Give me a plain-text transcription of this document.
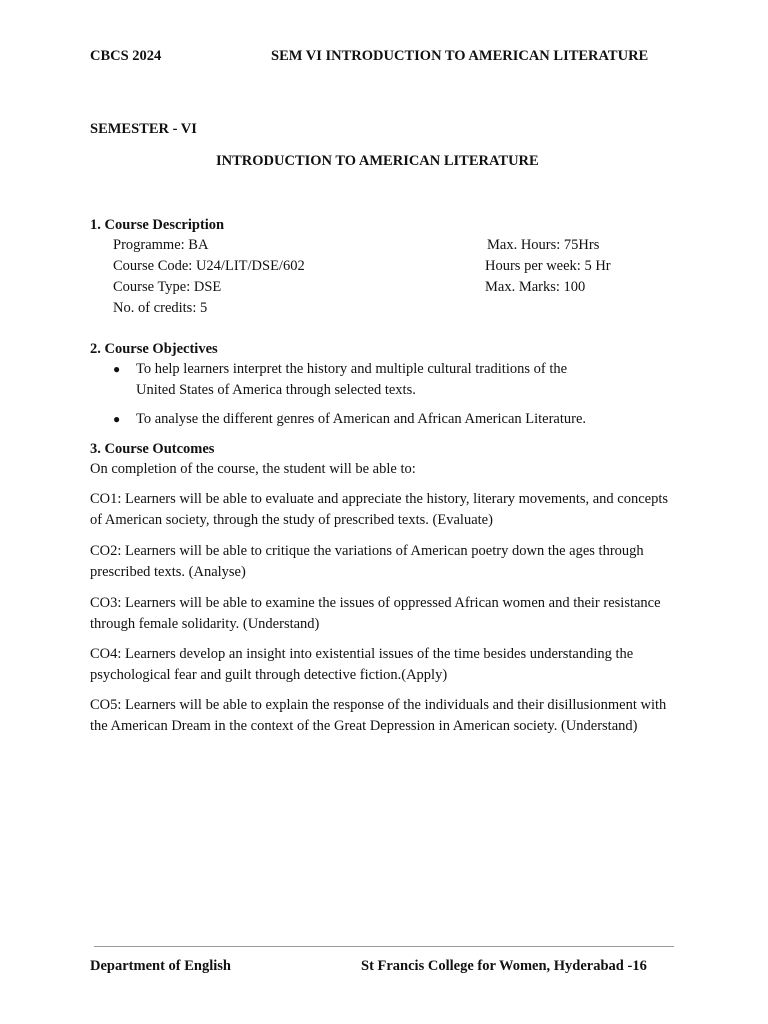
CBCS 2024	SEM VI INTRODUCTION TO AMERICAN LITERATURE
SEMESTER - VI
INTRODUCTION TO AMERICAN LITERATURE
1. Course Description
Programme: BA
Course Code: U24/LIT/DSE/602
Course Type: DSE
No. of credits: 5
Max. Hours: 75Hrs
Hours per week: 5 Hr
Max. Marks: 100
2. Course Objectives
● To help learners interpret the history and multiple cultural traditions of the
United States of America through selected texts.
● To analyse the different genres of American and African American Literature.
3. Course Outcomes
On completion of the course, the student will be able to:
CO1: Learners will be able to evaluate and appreciate the history, literary movements, and concepts of American society, through the study of prescribed texts. (Evaluate)
CO2: Learners will be able to critique the variations of American poetry down the ages through prescribed texts. (Analyse)
CO3: Learners will be able to examine the issues of oppressed African women and their resistance through female solidarity. (Understand)
CO4: Learners develop an insight into existential issues of the time besides understanding the psychological fear and guilt through detective fiction.(Apply)
CO5: Learners will be able to explain the response of the individuals and their disillusionment with the American Dream in the context of the Great Depression in American society. (Understand)
Department of English	St Francis College for Women, Hyderabad -16
